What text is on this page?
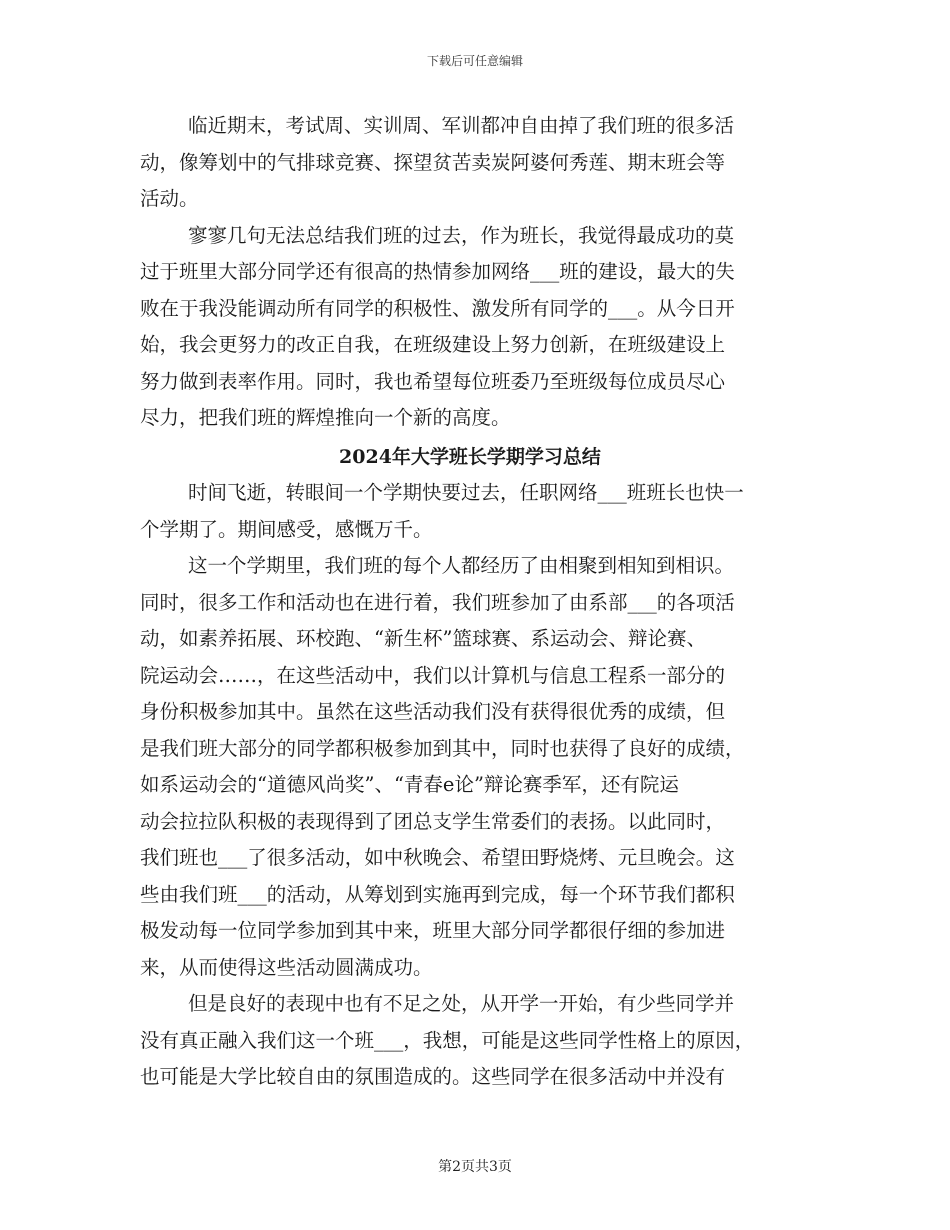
下载后可任意编辑
临近期末，考试周、实训周、军训都冲自由掉了我们班的很多活
动，像筹划中的气排球竞赛、探望贫苦卖炭阿婆何秀莲、期末班会等
活动。
寥寥几句无法总结我们班的过去，作为班长，我觉得最成功的莫
过于班里大部分同学还有很高的热情参加网络___班的建设，最大的失
败在于我没能调动所有同学的积极性、激发所有同学的___。从今日开
始，我会更努力的改正自我，在班级建设上努力创新，在班级建设上
努力做到表率作用。同时，我也希望每位班委乃至班级每位成员尽心
尽力，把我们班的辉煌推向一个新的高度。
2024年大学班长学期学习总结
时间飞逝，转眼间一个学期快要过去，任职网络___班班长也快一
个学期了。期间感受，感慨万千。
这一个学期里，我们班的每个人都经历了由相聚到相知到相识。
同时，很多工作和活动也在进行着，我们班参加了由系部___的各项活
动，如素养拓展、环校跑、“新生杯”篮球赛、系运动会、辩论赛、
院运动会……，在这些活动中，我们以计算机与信息工程系一部分的
身份积极参加其中。虽然在这些活动我们没有获得很优秀的成绩，但
是我们班大部分的同学都积极参加到其中，同时也获得了良好的成绩，
如系运动会的“道德风尚奖”、“青春e论”辩论赛季军，还有院运
动会拉拉队积极的表现得到了团总支学生常委们的表扬。以此同时，
我们班也___了很多活动，如中秋晚会、希望田野烧烤、元旦晚会。这
些由我们班___的活动，从筹划到实施再到完成，每一个环节我们都积
极发动每一位同学参加到其中来，班里大部分同学都很仔细的参加进
来，从而使得这些活动圆满成功。
但是良好的表现中也有不足之处，从开学一开始，有少些同学并
没有真正融入我们这一个班___，我想，可能是这些同学性格上的原因，
也可能是大学比较自由的氛围造成的。这些同学在很多活动中并没有
第2页共3页
